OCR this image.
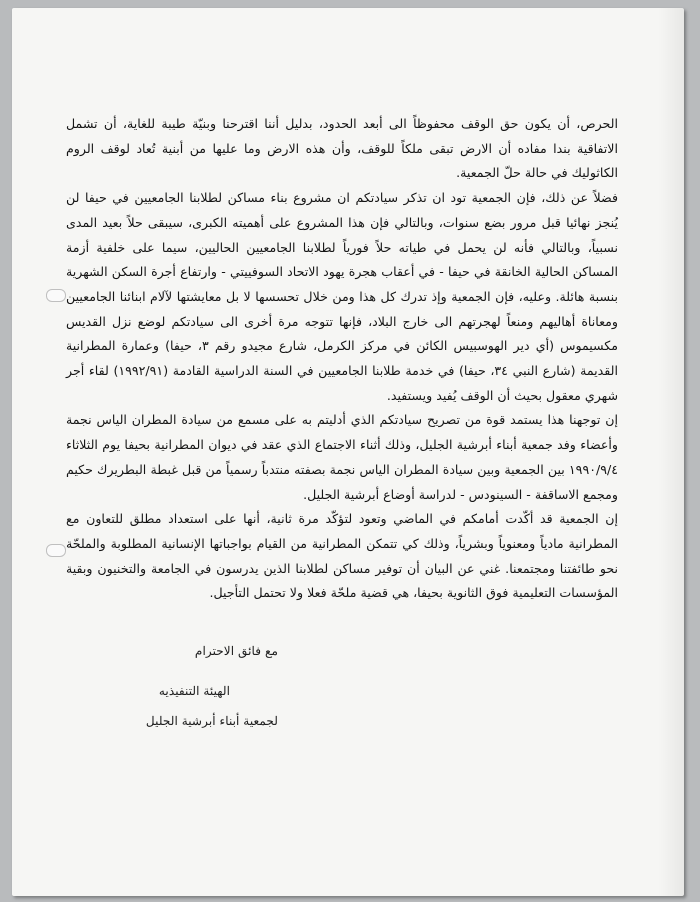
الحرص، أن يكون حق الوقف محفوظاً الى أبعد الحدود، بدليل أننا اقترحنا وبنيّة طيبة للغاية، أن تشمل الاتفاقية بندا مفاده أن الارض تبقى ملكاً للوقف، وأن هذه الارض وما عليها من أبنية تُعاد لوقف الروم الكاثوليك في حالة حلّ الجمعية.

فضلاً عن ذلك، فإن الجمعية تود ان تذكر سيادتكم ان مشروع بناء مساكن لطلابنا الجامعيين في حيفا لن يُنجز نهائيا قبل مرور بضع سنوات، وبالتالي فإن هذا المشروع على أهميته الكبرى، سيبقى حلاً بعيد المدى نسبياً، وبالتالي فأنه لن يحمل في طياته حلاً فورياً لطلابنا الجامعيين الحاليين، سيما على خلفية أزمة المساكن الحالية الخانقة في حيفا - في أعقاب هجرة يهود الاتحاد السوفييتي - وارتفاع أجرة السكن الشهرية بنسبة هائلة. وعليه، فإن الجمعية وإذ تدرك كل هذا ومن خلال تحسسها لا بل معايشتها لآلام ابنائنا الجامعيين ومعاناة أهاليهم ومنعاً لهجرتهم الى خارج البلاد، فإنها تتوجه مرة أخرى الى سيادتكم لوضع نزل القديس مكسيموس (أي دير الهوسبيس الكائن في مركز الكرمل، شارع مجيدو رقم ٣، حيفا) وعمارة المطرانية القديمة (شارع النبي ٣٤، حيفا) في خدمة طلابنا الجامعيين في السنة الدراسية القادمة (١٩٩٢/٩١) لقاء أجر شهري معقول بحيث أن الوقف يُفيد ويستفيد.

إن توجهنا هذا يستمد قوة من تصريح سيادتكم الذي أدليتم به على مسمع من سيادة المطران الياس نجمة وأعضاء وفد جمعية أبناء أبرشية الجليل، وذلك أثناء الاجتماع الذي عقد في ديوان المطرانية بحيفا يوم الثلاثاء ١٩٩٠/٩/٤ بين الجمعية وبين سيادة المطران الياس نجمة بصفته منتدباً رسمياً من قبل غبطة البطريرك حكيم ومجمع الاساقفة - السينودس - لدراسة أوضاع أبرشية الجليل.

إن الجمعية قد أكّدت أمامكم في الماضي وتعود لتؤكّد مرة ثانية، أنها على استعداد مطلق للتعاون مع المطرانية مادياً ومعنوياً وبشرياً، وذلك كي تتمكن المطرانية من القيام بواجباتها الإنسانية المطلوبة والملحّة نحو طائفتنا ومجتمعنا. غني عن البيان أن توفير مساكن لطلابنا الذين يدرسون في الجامعة والتخنيون وبقية المؤسسات التعليمية فوق الثانوية بحيفا، هي قضية ملحّة فعلا ولا تحتمل التأجيل.

مع فائق الاحترام
الهيئة التنفيذيه
لجمعية أبناء أبرشية الجليل
